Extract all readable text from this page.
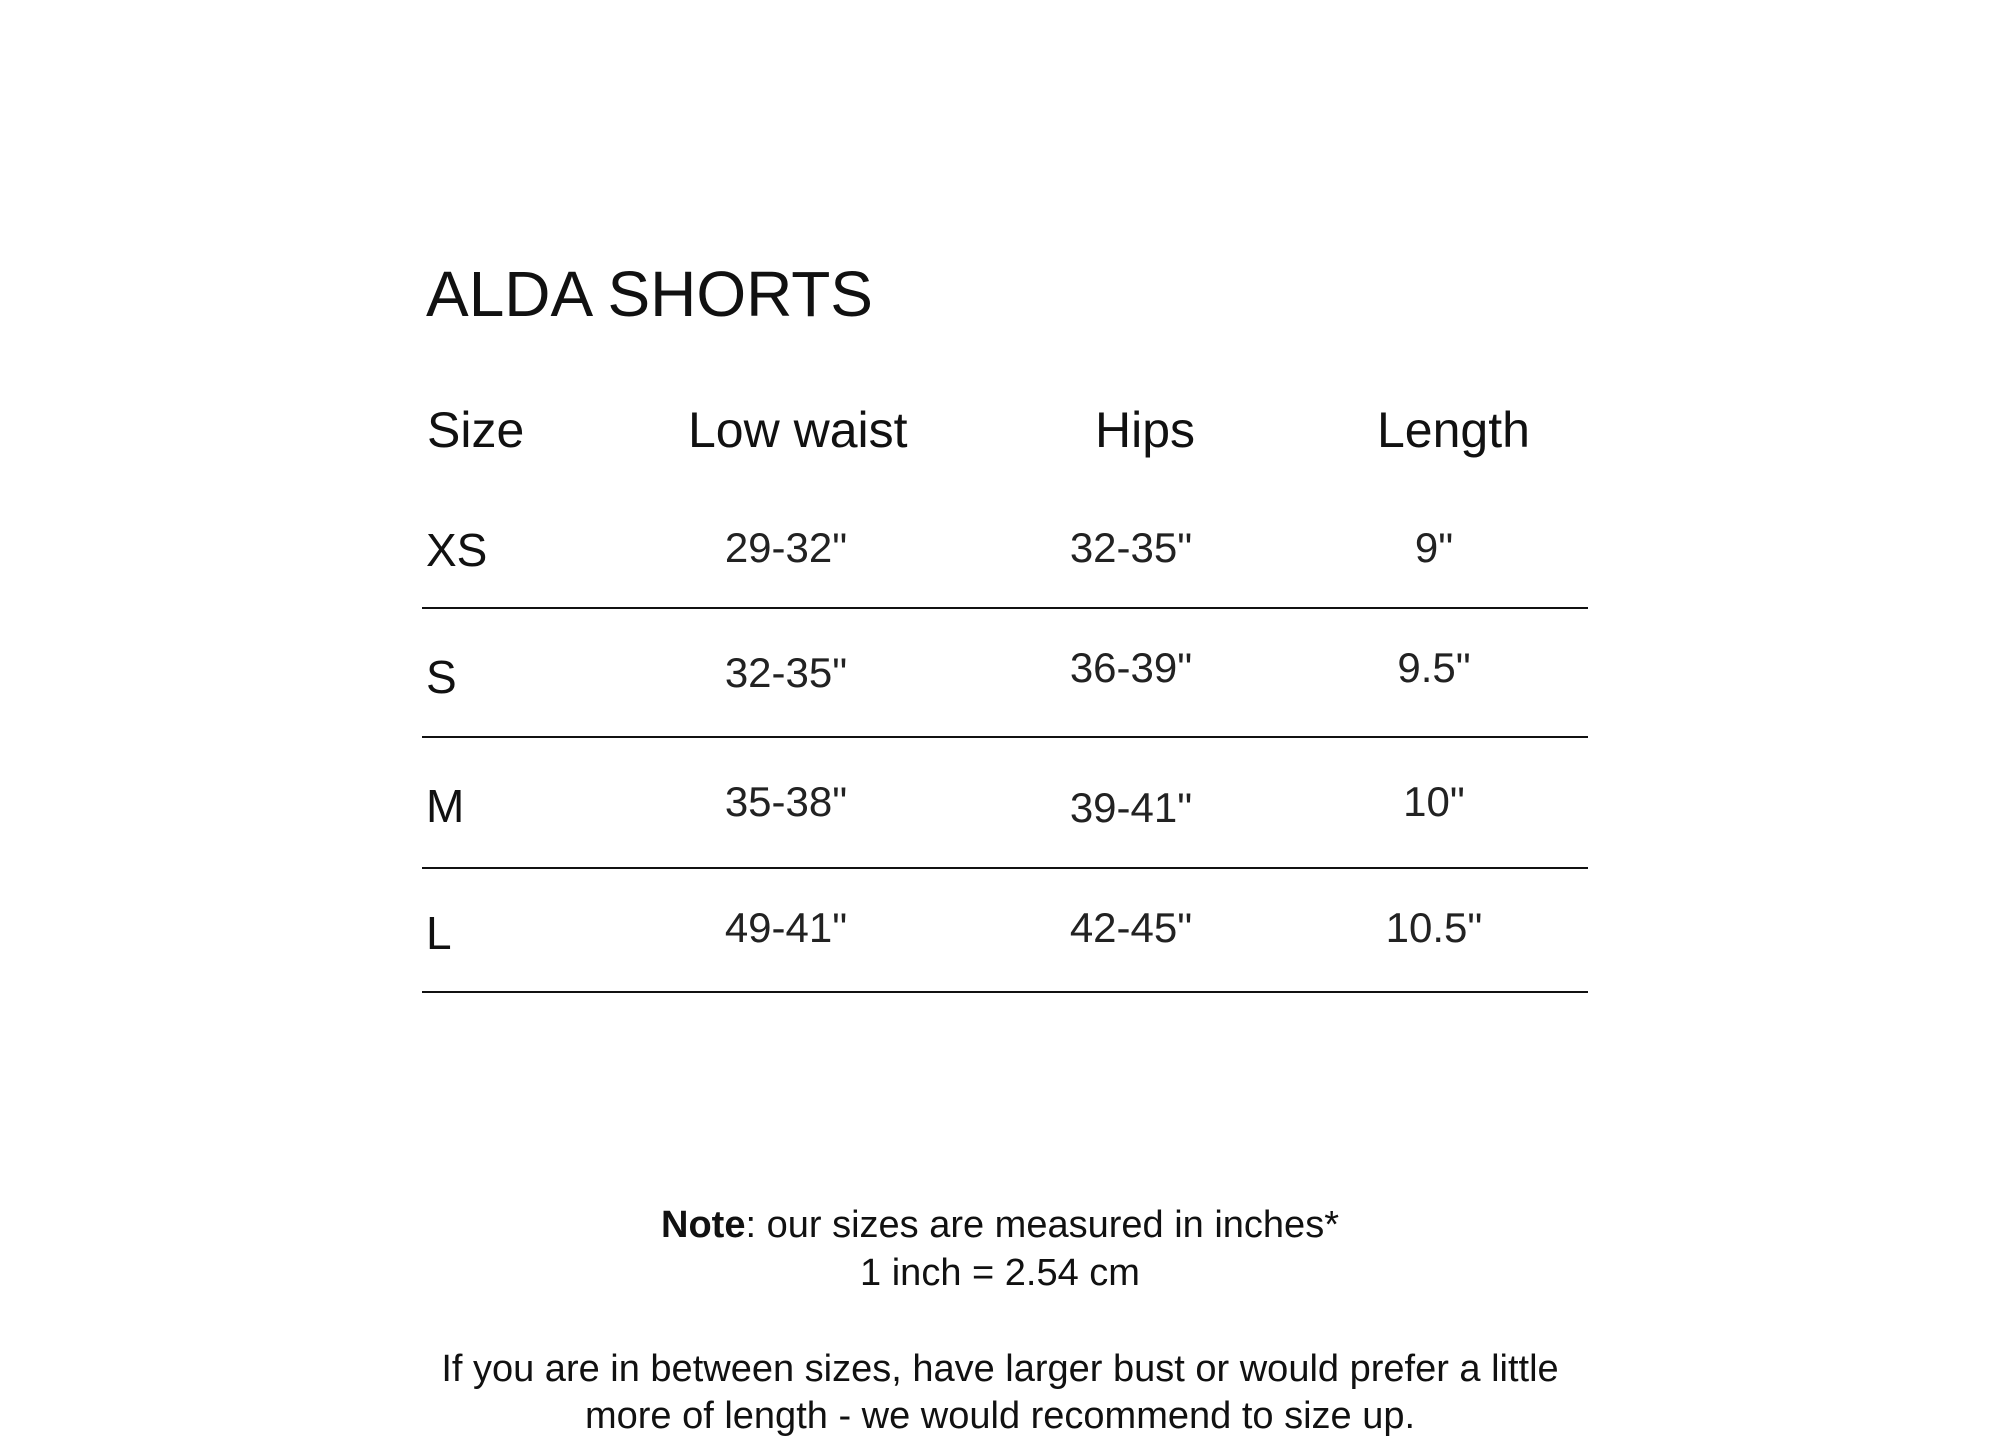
ALDA SHORTS
Size	Low waist	Hips	Length
XS	29-32"	32-35"	9"
S	32-35"	36-39"	9.5"
M	35-38"	39-41"	10"
L	49-41"	42-45"	10.5"
Note: our sizes are measured in inches*
1 inch = 2.54 cm
If you are in between sizes, have larger bust or would prefer a little
more of length - we would recommend to size up.
